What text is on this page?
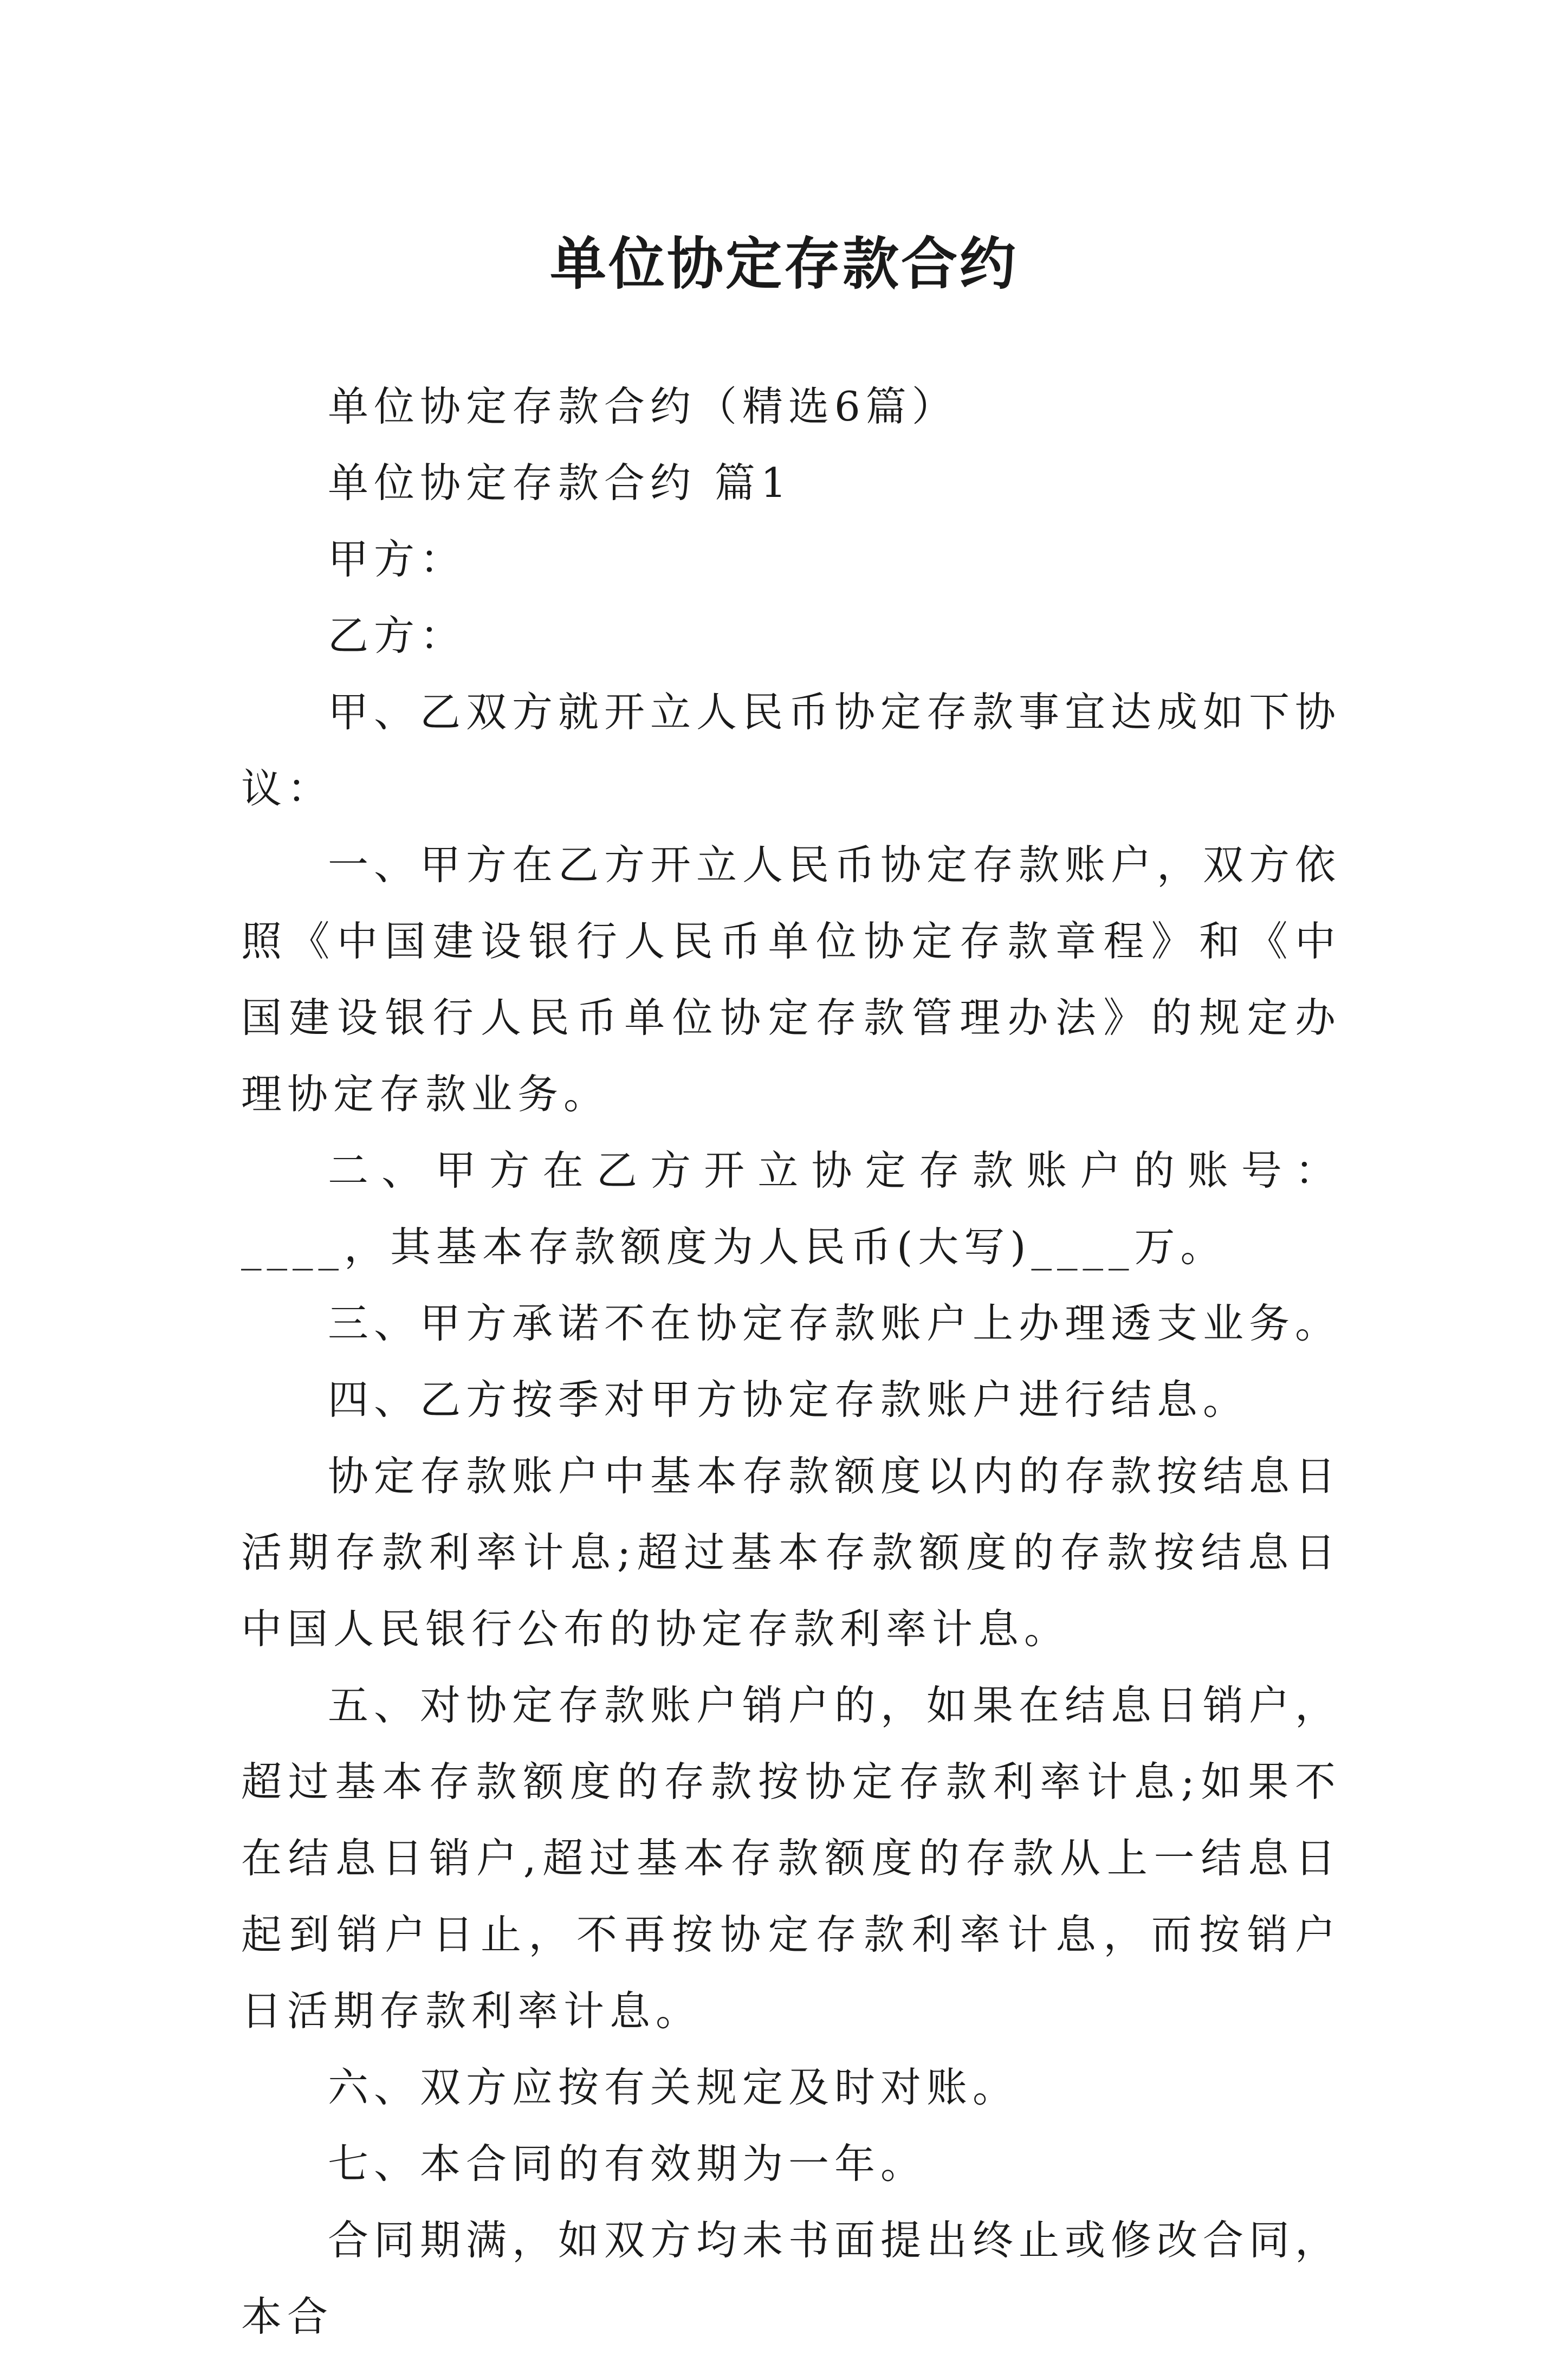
单位协定存款合约

单位协定存款合约（精选6篇）

单位协定存款合约 篇1

甲方：

乙方：

甲、乙双方就开立人民币协定存款事宜达成如下协议：

一、甲方在乙方开立人民币协定存款账户，双方依照《中国建设银行人民币单位协定存款章程》和《中国建设银行人民币单位协定存款管理办法》的规定办理协定存款业务。

二、甲方在乙方开立协定存款账户的账号：____，其基本存款额度为人民币(大写)____万。

三、甲方承诺不在协定存款账户上办理透支业务。

四、乙方按季对甲方协定存款账户进行结息。

协定存款账户中基本存款额度以内的存款按结息日活期存款利率计息;超过基本存款额度的存款按结息日中国人民银行公布的协定存款利率计息。

五、对协定存款账户销户的，如果在结息日销户，超过基本存款额度的存款按协定存款利率计息;如果不在结息日销户,超过基本存款额度的存款从上一结息日起到销户日止，不再按协定存款利率计息，而按销户日活期存款利率计息。

六、双方应按有关规定及时对账。

七、本合同的有效期为一年。

合同期满，如双方均未书面提出终止或修改合同，本合
